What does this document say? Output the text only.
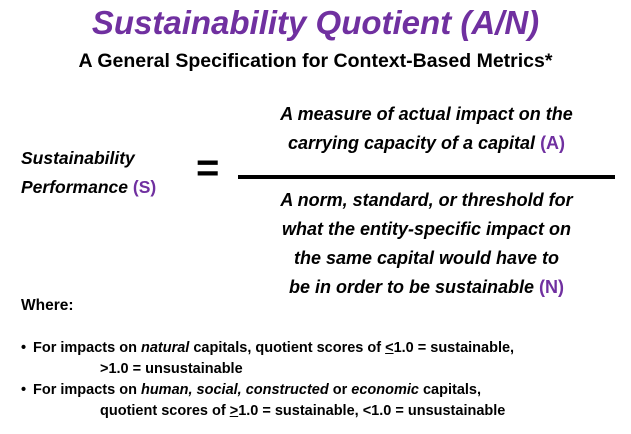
Sustainability Quotient (A/N)
A General Specification for Context-Based Metrics*
Sustainability
Performance (S) =
A measure of actual impact on the
carrying capacity of a capital (A)
A norm, standard, or threshold for
what the entity-specific impact on
the same capital would have to
be in order to be sustainable (N)
Where:
• For impacts on natural capitals, quotient scores of <1.0 = sustainable,
>1.0 = unsustainable
• For impacts on human, social, constructed or economic capitals,
quotient scores of >1.0 = sustainable, <1.0 = unsustainable
